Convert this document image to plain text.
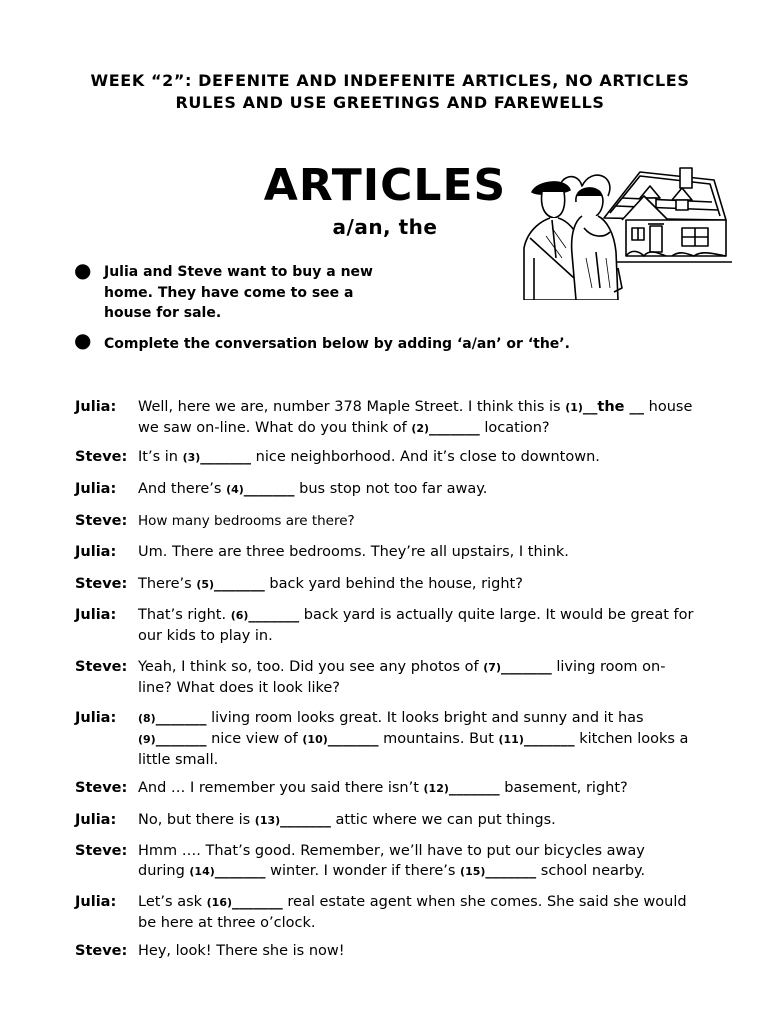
WEEK “2”: DEFENITE AND INDEFENITE ARTICLES, NO ARTICLES RULES AND USE GREETINGS AND FAREWELLS
ARTICLES
a/an, the
● Julia and Steve want to buy a new home. They have come to see a house for sale.
● Complete the conversation below by adding ‘a/an’ or ‘the’.
Julia:	Well, here we are, number 378 Maple Street. I think this is (1)__the __ house we saw on-line. What do you think of (2)_______ location?
Steve: It’s in (3)_______ nice neighborhood. And it’s close to downtown.
Julia:	And there’s (4)_______ bus stop not too far away.
Steve: How many bedrooms are there?
Julia:	Um. There are three bedrooms. They’re all upstairs, I think.
Steve: There’s (5)_______ back yard behind the house, right?
Julia:	That’s right. (6)_______ back yard is actually quite large. It would be great for our kids to play in.
Steve: Yeah, I think so, too. Did you see any photos of (7)_______ living room on-line? What does it look like?
Julia:	(8)_______ living room looks great. It looks bright and sunny and it has (9)_______ nice view of (10)_______ mountains. But (11)_______ kitchen looks a little small.
Steve: And … I remember you said there isn’t (12)_______ basement, right?
Julia:	No, but there is (13)_______ attic where we can put things.
Steve: Hmm …. That’s good. Remember, we’ll have to put our bicycles away during (14)_______ winter. I wonder if there’s (15)_______ school nearby.
Julia:	Let’s ask (16)_______ real estate agent when she comes. She said she would be here at three o’clock.
Steve: Hey, look! There she is now!
